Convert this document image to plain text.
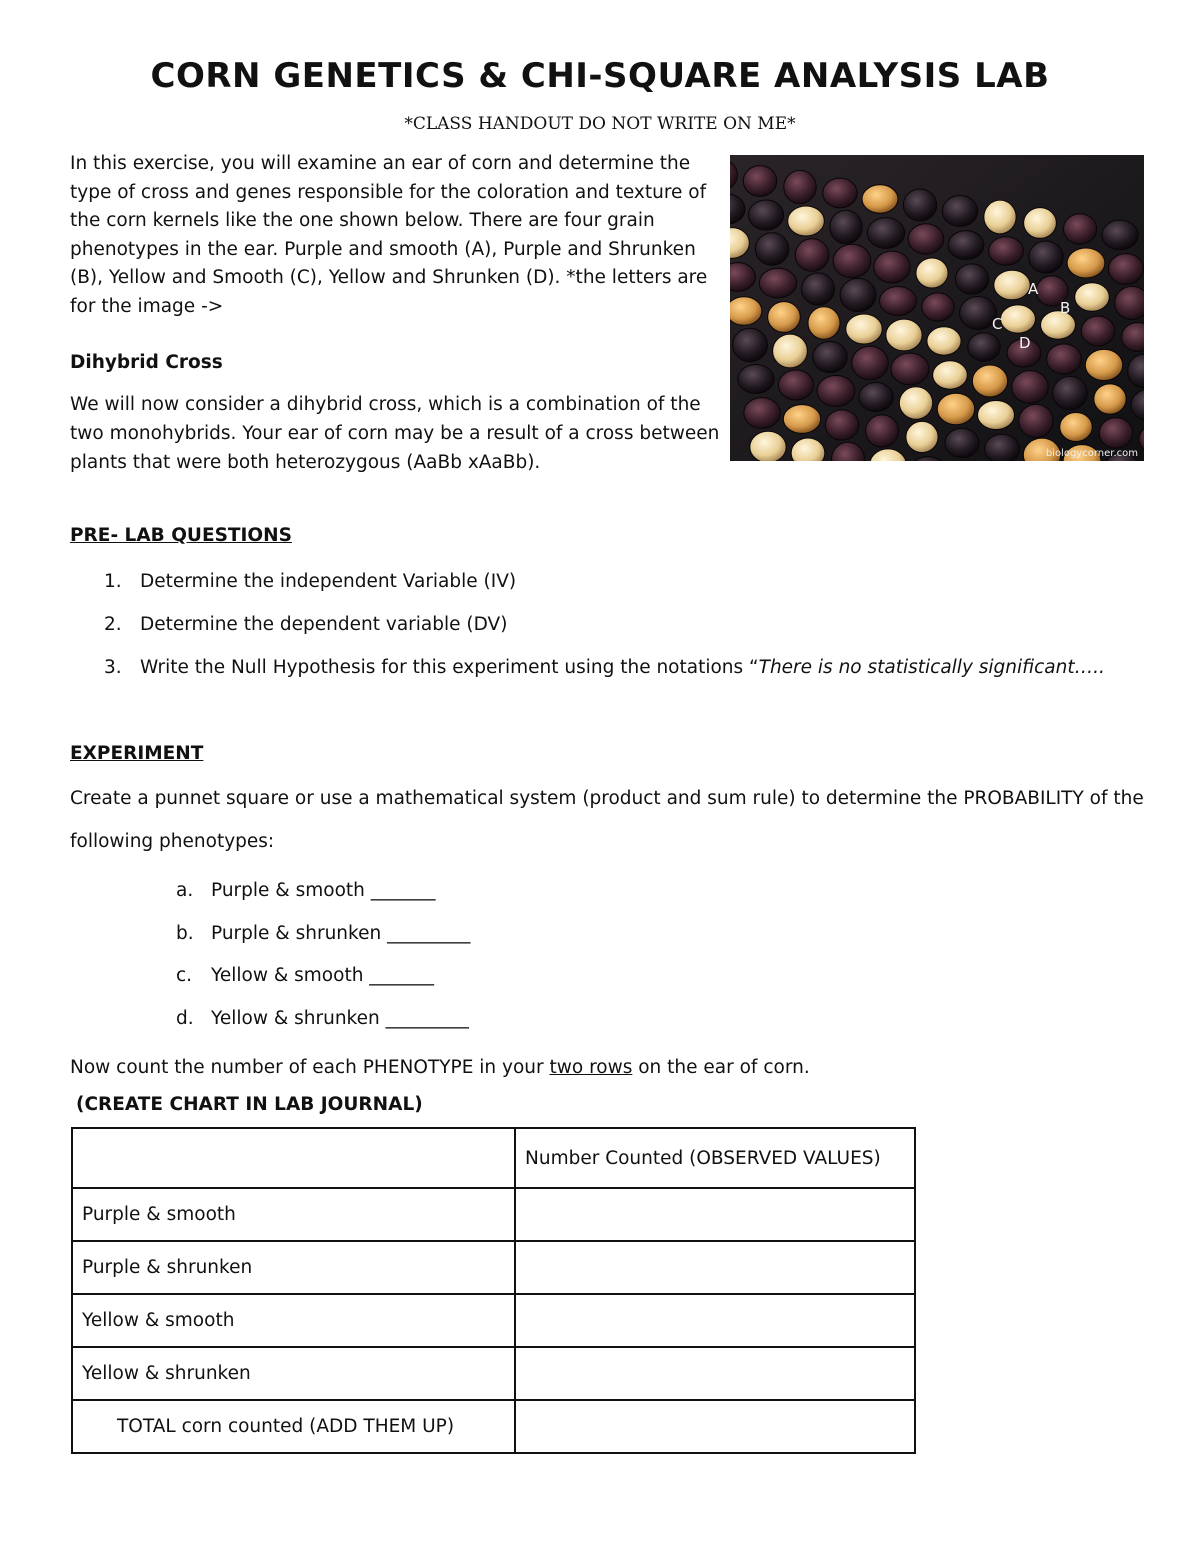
CORN GENETICS & CHI-SQUARE ANALYSIS LAB
*CLASS HANDOUT DO NOT WRITE ON ME*
In this exercise, you will examine an ear of corn and determine the type of cross and genes responsible for the coloration and texture of the corn kernels like the one shown below. There are four grain phenotypes in the ear. Purple and smooth (A), Purple and Shrunken (B), Yellow and Smooth (C), Yellow and Shrunken (D). *the letters are for the image ->
A
B
C
D
biologycorner.com
Dihybrid Cross
We will now consider a dihybrid cross, which is a combination of the two monohybrids. Your ear of corn may be a result of a cross between plants that were both heterozygous (AaBb xAaBb).
PRE- LAB QUESTIONS
1. Determine the independent Variable (IV)
2. Determine the dependent variable (DV)
3. Write the Null Hypothesis for this experiment using the notations “There is no statistically significant…..
EXPERIMENT
Create a punnet square or use a mathematical system (product and sum rule) to determine the PROBABILITY of the following phenotypes:
a. Purple & smooth _______
b. Purple & shrunken _________
c. Yellow & smooth _______
d. Yellow & shrunken _________
Now count the number of each PHENOTYPE in your two rows on the ear of corn.
(CREATE CHART IN LAB JOURNAL)
	Number Counted (OBSERVED VALUES)
Purple & smooth	
Purple & shrunken	
Yellow & smooth	
Yellow & shrunken	
TOTAL corn counted (ADD THEM UP)	
